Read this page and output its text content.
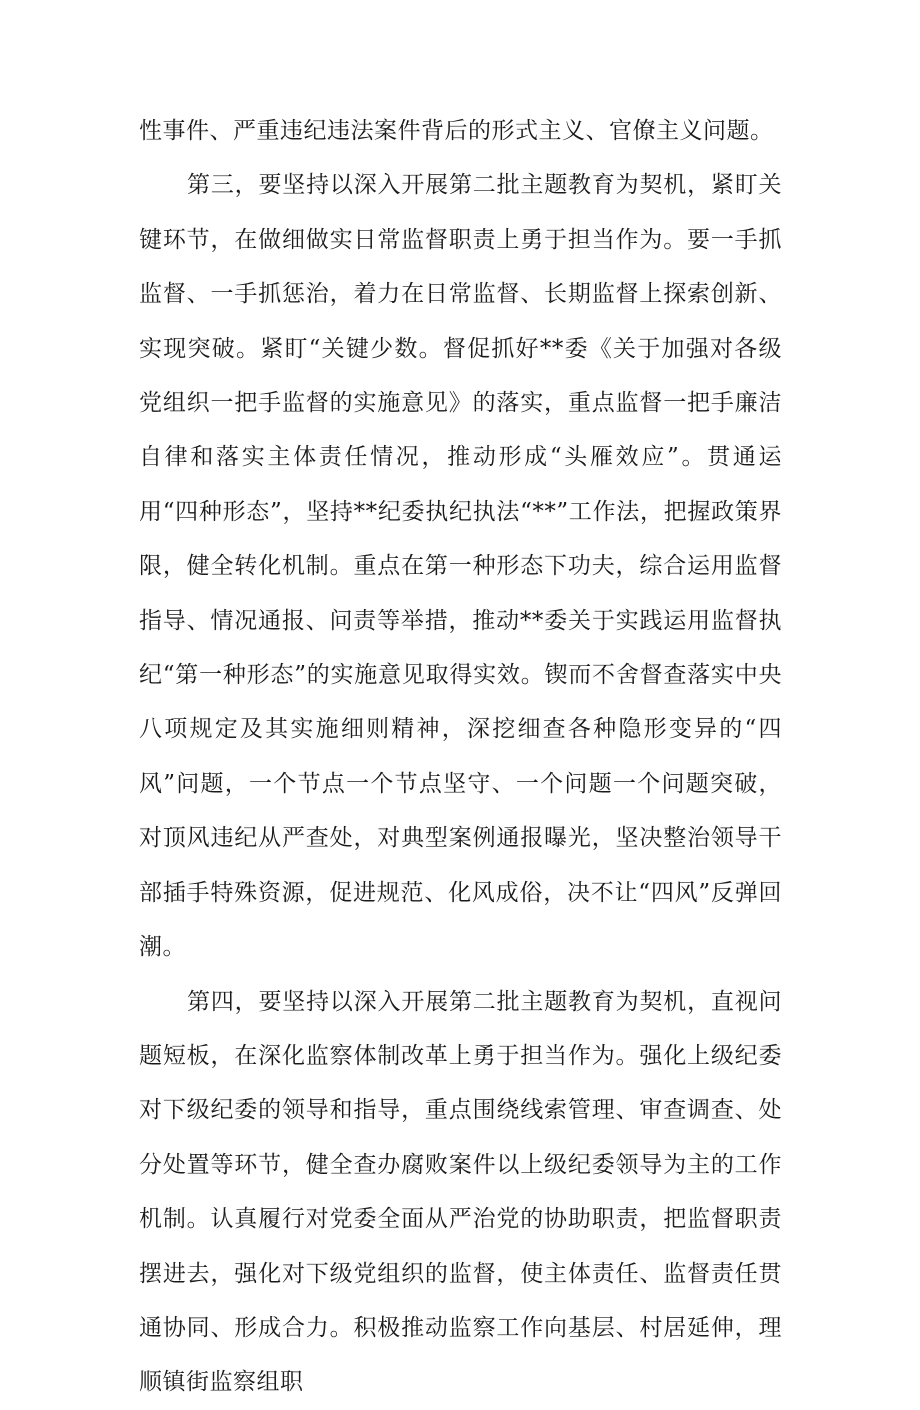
性事件、严重违纪违法案件背后的形式主义、官僚主义问题。

第三，要坚持以深入开展第二批主题教育为契机，紧盯关键环节，在做细做实日常监督职责上勇于担当作为。要一手抓监督、一手抓惩治，着力在日常监督、长期监督上探索创新、实现突破。紧盯“关键少数。督促抓好**委《关于加强对各级党组织一把手监督的实施意见》的落实，重点监督一把手廉洁自律和落实主体责任情况，推动形成“头雁效应”。贯通运用“四种形态”，坚持**纪委执纪执法“**”工作法，把握政策界限，健全转化机制。重点在第一种形态下功夫，综合运用监督指导、情况通报、问责等举措，推动**委关于实践运用监督执纪“第一种形态”的实施意见取得实效。锲而不舍督查落实中央八项规定及其实施细则精神，深挖细查各种隐形变异的“四风”问题，一个节点一个节点坚守、一个问题一个问题突破，对顶风违纪从严查处，对典型案例通报曝光，坚决整治领导干部插手特殊资源，促进规范、化风成俗，决不让“四风”反弹回潮。

第四，要坚持以深入开展第二批主题教育为契机，直视问题短板，在深化监察体制改革上勇于担当作为。强化上级纪委对下级纪委的领导和指导，重点围绕线索管理、审查调查、处分处置等环节，健全查办腐败案件以上级纪委领导为主的工作机制。认真履行对党委全面从严治党的协助职责，把监督职责摆进去，强化对下级党组织的监督，使主体责任、监督责任贯通协同、形成合力。积极推动监察工作向基层、村居延伸，理顺镇街监察组职
